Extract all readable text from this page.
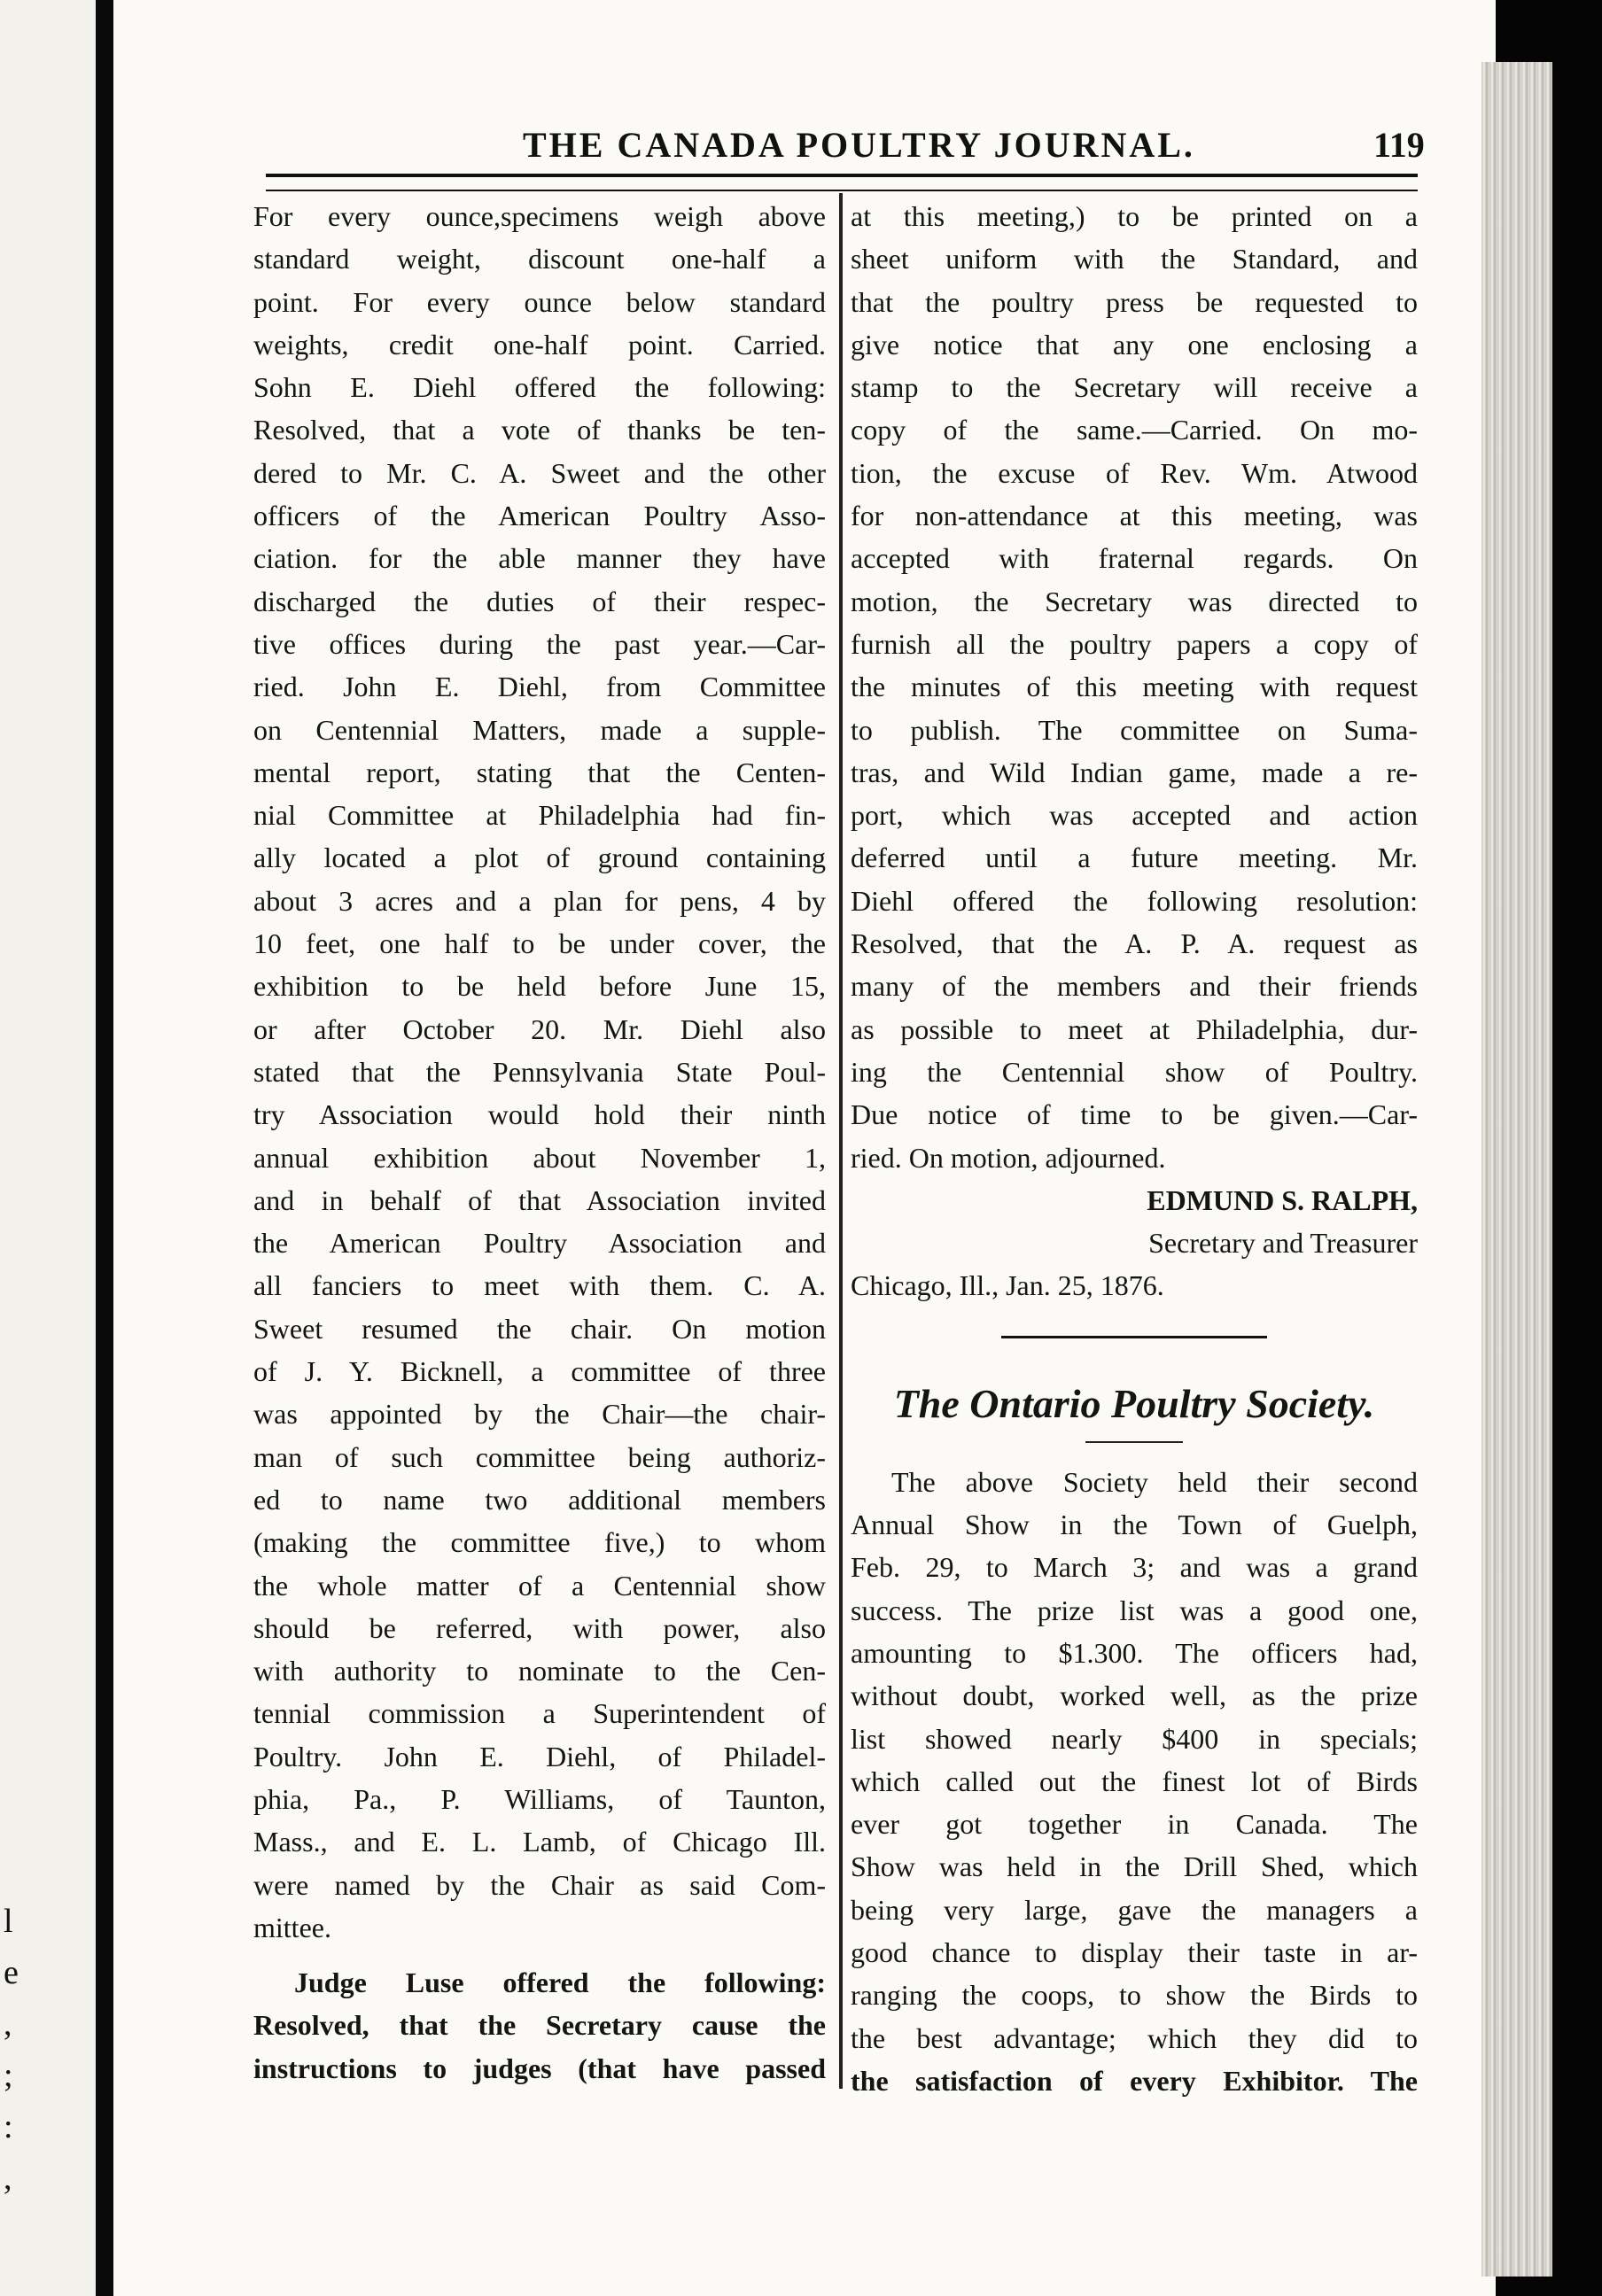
l
e
,
;
:
,
THE CANADA POULTRY JOURNAL.	119
For every ounce,specimens weigh above
standard weight, discount one-half a
point. For every ounce below standard
weights, credit one-half point. Carried.
Sohn E. Diehl offered the following:
Resolved, that a vote of thanks be ten-
dered to Mr. C. A. Sweet and the other
officers of the American Poultry Asso-
ciation. for the able manner they have
discharged the duties of their respec-
tive offices during the past year.—Car-
ried. John E. Diehl, from Committee
on Centennial Matters, made a supple-
mental report, stating that the Centen-
nial Committee at Philadelphia had fin-
ally located a plot of ground containing
about 3 acres and a plan for pens, 4 by
10 feet, one half to be under cover, the
exhibition to be held before June 15,
or after October 20. Mr. Diehl also
stated that the Pennsylvania State Poul-
try Association would hold their ninth
annual exhibition about November 1,
and in behalf of that Association invited
the American Poultry Association and
all fanciers to meet with them. C. A.
Sweet resumed the chair. On motion
of J. Y. Bicknell, a committee of three
was appointed by the Chair—the chair-
man of such committee being authoriz-
ed to name two additional members
(making the committee five,) to whom
the whole matter of a Centennial show
should be referred, with power, also
with authority to nominate to the Cen-
tennial commission a Superintendent of
Poultry. John E. Diehl, of Philadel-
phia, Pa., P. Williams, of Taunton,
Mass., and E. L. Lamb, of Chicago Ill.
were named by the Chair as said Com-
mittee.
Judge Luse offered the following:
Resolved, that the Secretary cause the
instructions to judges (that have passed
at this meeting,) to be printed on a
sheet uniform with the Standard, and
that the poultry press be requested to
give notice that any one enclosing a
stamp to the Secretary will receive a
copy of the same.—Carried. On mo-
tion, the excuse of Rev. Wm. Atwood
for non-attendance at this meeting, was
accepted with fraternal regards. On
motion, the Secretary was directed to
furnish all the poultry papers a copy of
the minutes of this meeting with request
to publish. The committee on Suma-
tras, and Wild Indian game, made a re-
port, which was accepted and action
deferred until a future meeting. Mr.
Diehl offered the following resolution:
Resolved, that the A. P. A. request as
many of the members and their friends
as possible to meet at Philadelphia, dur-
ing the Centennial show of Poultry.
Due notice of time to be given.—Car-
ried. On motion, adjourned.
EDMUND S. RALPH,
Secretary and Treasurer
Chicago, Ill., Jan. 25, 1876.
The Ontario Poultry Society.
The above Society held their second
Annual Show in the Town of Guelph,
Feb. 29, to March 3; and was a grand
success. The prize list was a good one,
amounting to $1.300. The officers had,
without doubt, worked well, as the prize
list showed nearly $400 in specials;
which called out the finest lot of Birds
ever got together in Canada. The
Show was held in the Drill Shed, which
being very large, gave the managers a
good chance to display their taste in ar-
ranging the coops, to show the Birds to
the best advantage; which they did to
the satisfaction of every Exhibitor. The
